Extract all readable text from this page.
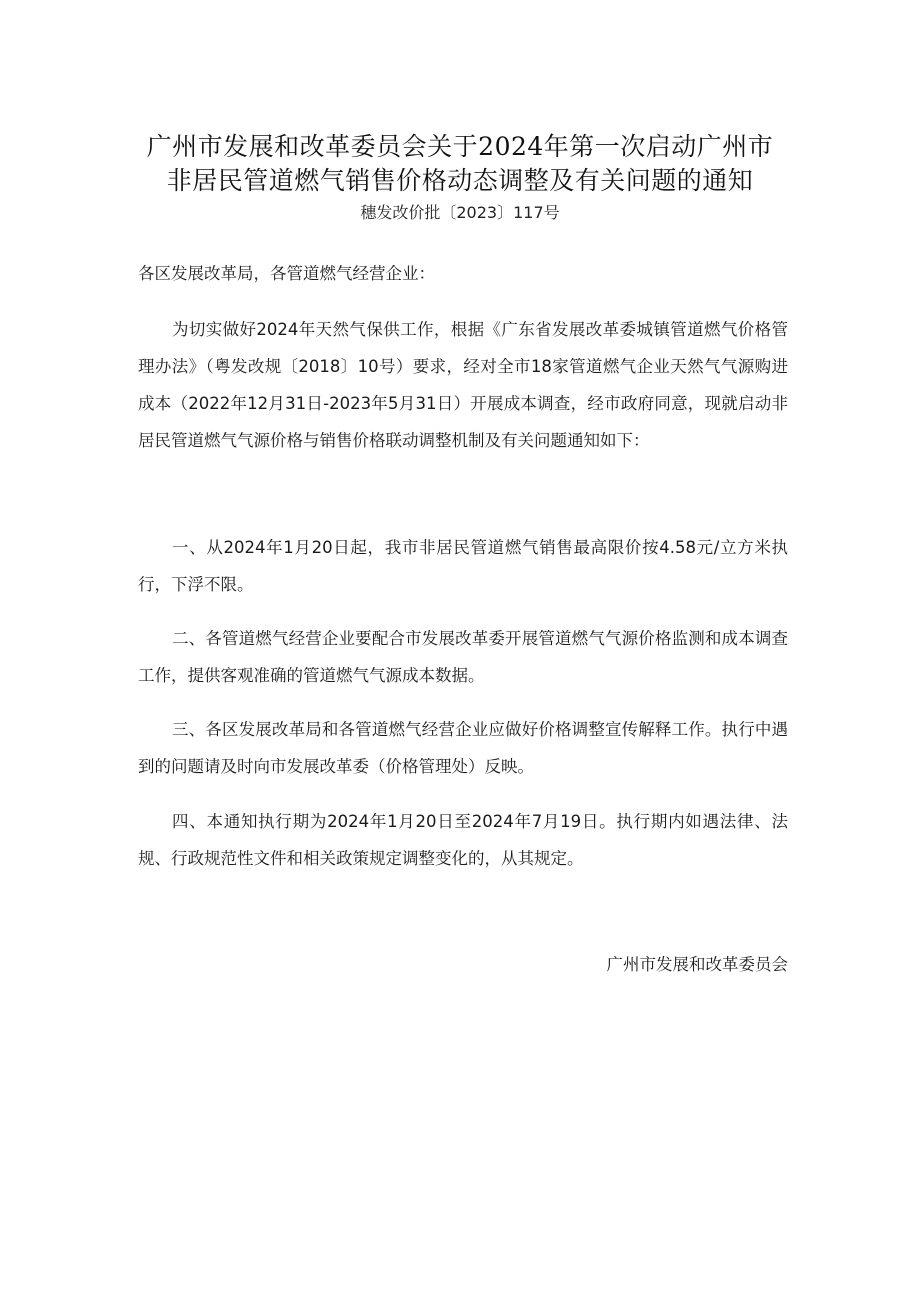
广州市发展和改革委员会关于2024年第一次启动广州市
非居民管道燃气销售价格动态调整及有关问题的通知
穗发改价批〔2023〕117号
各区发展改革局，各管道燃气经营企业：

为切实做好2024年天然气保供工作，根据《广东省发展改革委城镇管道燃气价格管理办法》（粤发改规〔2018〕10号）要求，经对全市18家管道燃气企业天然气气源购进成本（2022年12月31日-2023年5月31日）开展成本调查，经市政府同意，现就启动非居民管道燃气气源价格与销售价格联动调整机制及有关问题通知如下：

一、从2024年1月20日起，我市非居民管道燃气销售最高限价按4.58元/立方米执行，下浮不限。

二、各管道燃气经营企业要配合市发展改革委开展管道燃气气源价格监测和成本调查工作，提供客观准确的管道燃气气源成本数据。

三、各区发展改革局和各管道燃气经营企业应做好价格调整宣传解释工作。执行中遇到的问题请及时向市发展改革委（价格管理处）反映。

四、本通知执行期为2024年1月20日至2024年7月19日。执行期内如遇法律、法规、行政规范性文件和相关政策规定调整变化的，从其规定。

广州市发展和改革委员会
